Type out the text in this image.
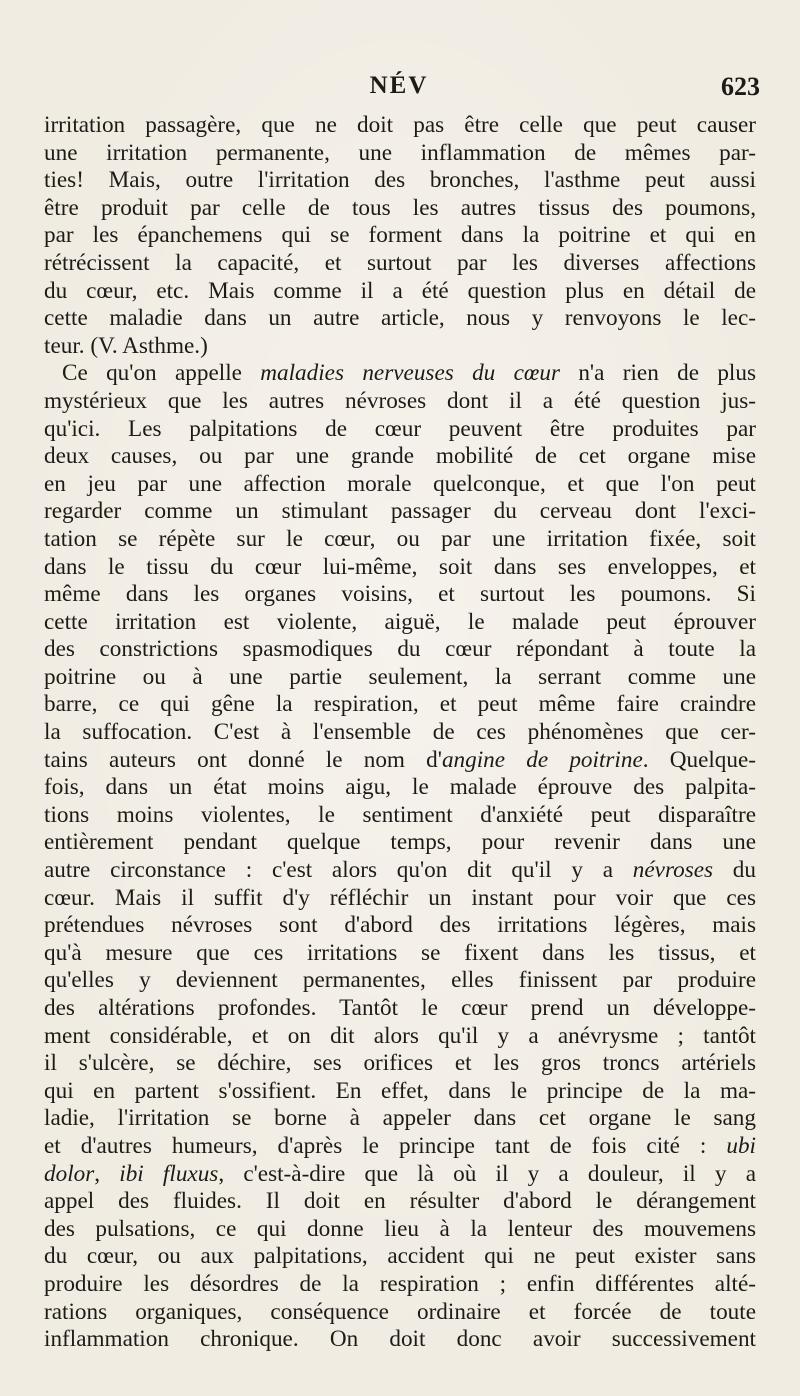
NÉV	623
irritation passagère, que ne doit pas être celle que peut causer
une irritation permanente, une inflammation de mêmes par-
ties! Mais, outre l'irritation des bronches, l'asthme peut aussi
être produit par celle de tous les autres tissus des poumons,
par les épanchemens qui se forment dans la poitrine et qui en
rétrécissent la capacité, et surtout par les diverses affections
du cœur, etc. Mais comme il a été question plus en détail de
cette maladie dans un autre article, nous y renvoyons le lec-
teur. (V. Asthme.)
Ce qu'on appelle maladies nerveuses du cœur n'a rien de plus
mystérieux que les autres névroses dont il a été question jus-
qu'ici. Les palpitations de cœur peuvent être produites par
deux causes, ou par une grande mobilité de cet organe mise
en jeu par une affection morale quelconque, et que l'on peut
regarder comme un stimulant passager du cerveau dont l'exci-
tation se répète sur le cœur, ou par une irritation fixée, soit
dans le tissu du cœur lui-même, soit dans ses enveloppes, et
même dans les organes voisins, et surtout les poumons. Si
cette irritation est violente, aiguë, le malade peut éprouver
des constrictions spasmodiques du cœur répondant à toute la
poitrine ou à une partie seulement, la serrant comme une
barre, ce qui gêne la respiration, et peut même faire craindre
la suffocation. C'est à l'ensemble de ces phénomènes que cer-
tains auteurs ont donné le nom d'angine de poitrine. Quelque-
fois, dans un état moins aigu, le malade éprouve des palpita-
tions moins violentes, le sentiment d'anxiété peut disparaître
entièrement pendant quelque temps, pour revenir dans une
autre circonstance : c'est alors qu'on dit qu'il y a névroses du
cœur. Mais il suffit d'y réfléchir un instant pour voir que ces
prétendues névroses sont d'abord des irritations légères, mais
qu'à mesure que ces irritations se fixent dans les tissus, et
qu'elles y deviennent permanentes, elles finissent par produire
des altérations profondes. Tantôt le cœur prend un développe-
ment considérable, et on dit alors qu'il y a anévrysme ; tantôt
il s'ulcère, se déchire, ses orifices et les gros troncs artériels
qui en partent s'ossifient. En effet, dans le principe de la ma-
ladie, l'irritation se borne à appeler dans cet organe le sang
et d'autres humeurs, d'après le principe tant de fois cité : ubi
dolor, ibi fluxus, c'est-à-dire que là où il y a douleur, il y a
appel des fluides. Il doit en résulter d'abord le dérangement
des pulsations, ce qui donne lieu à la lenteur des mouvemens
du cœur, ou aux palpitations, accident qui ne peut exister sans
produire les désordres de la respiration ; enfin différentes alté-
rations organiques, conséquence ordinaire et forcée de toute
inflammation chronique. On doit donc avoir successivement
